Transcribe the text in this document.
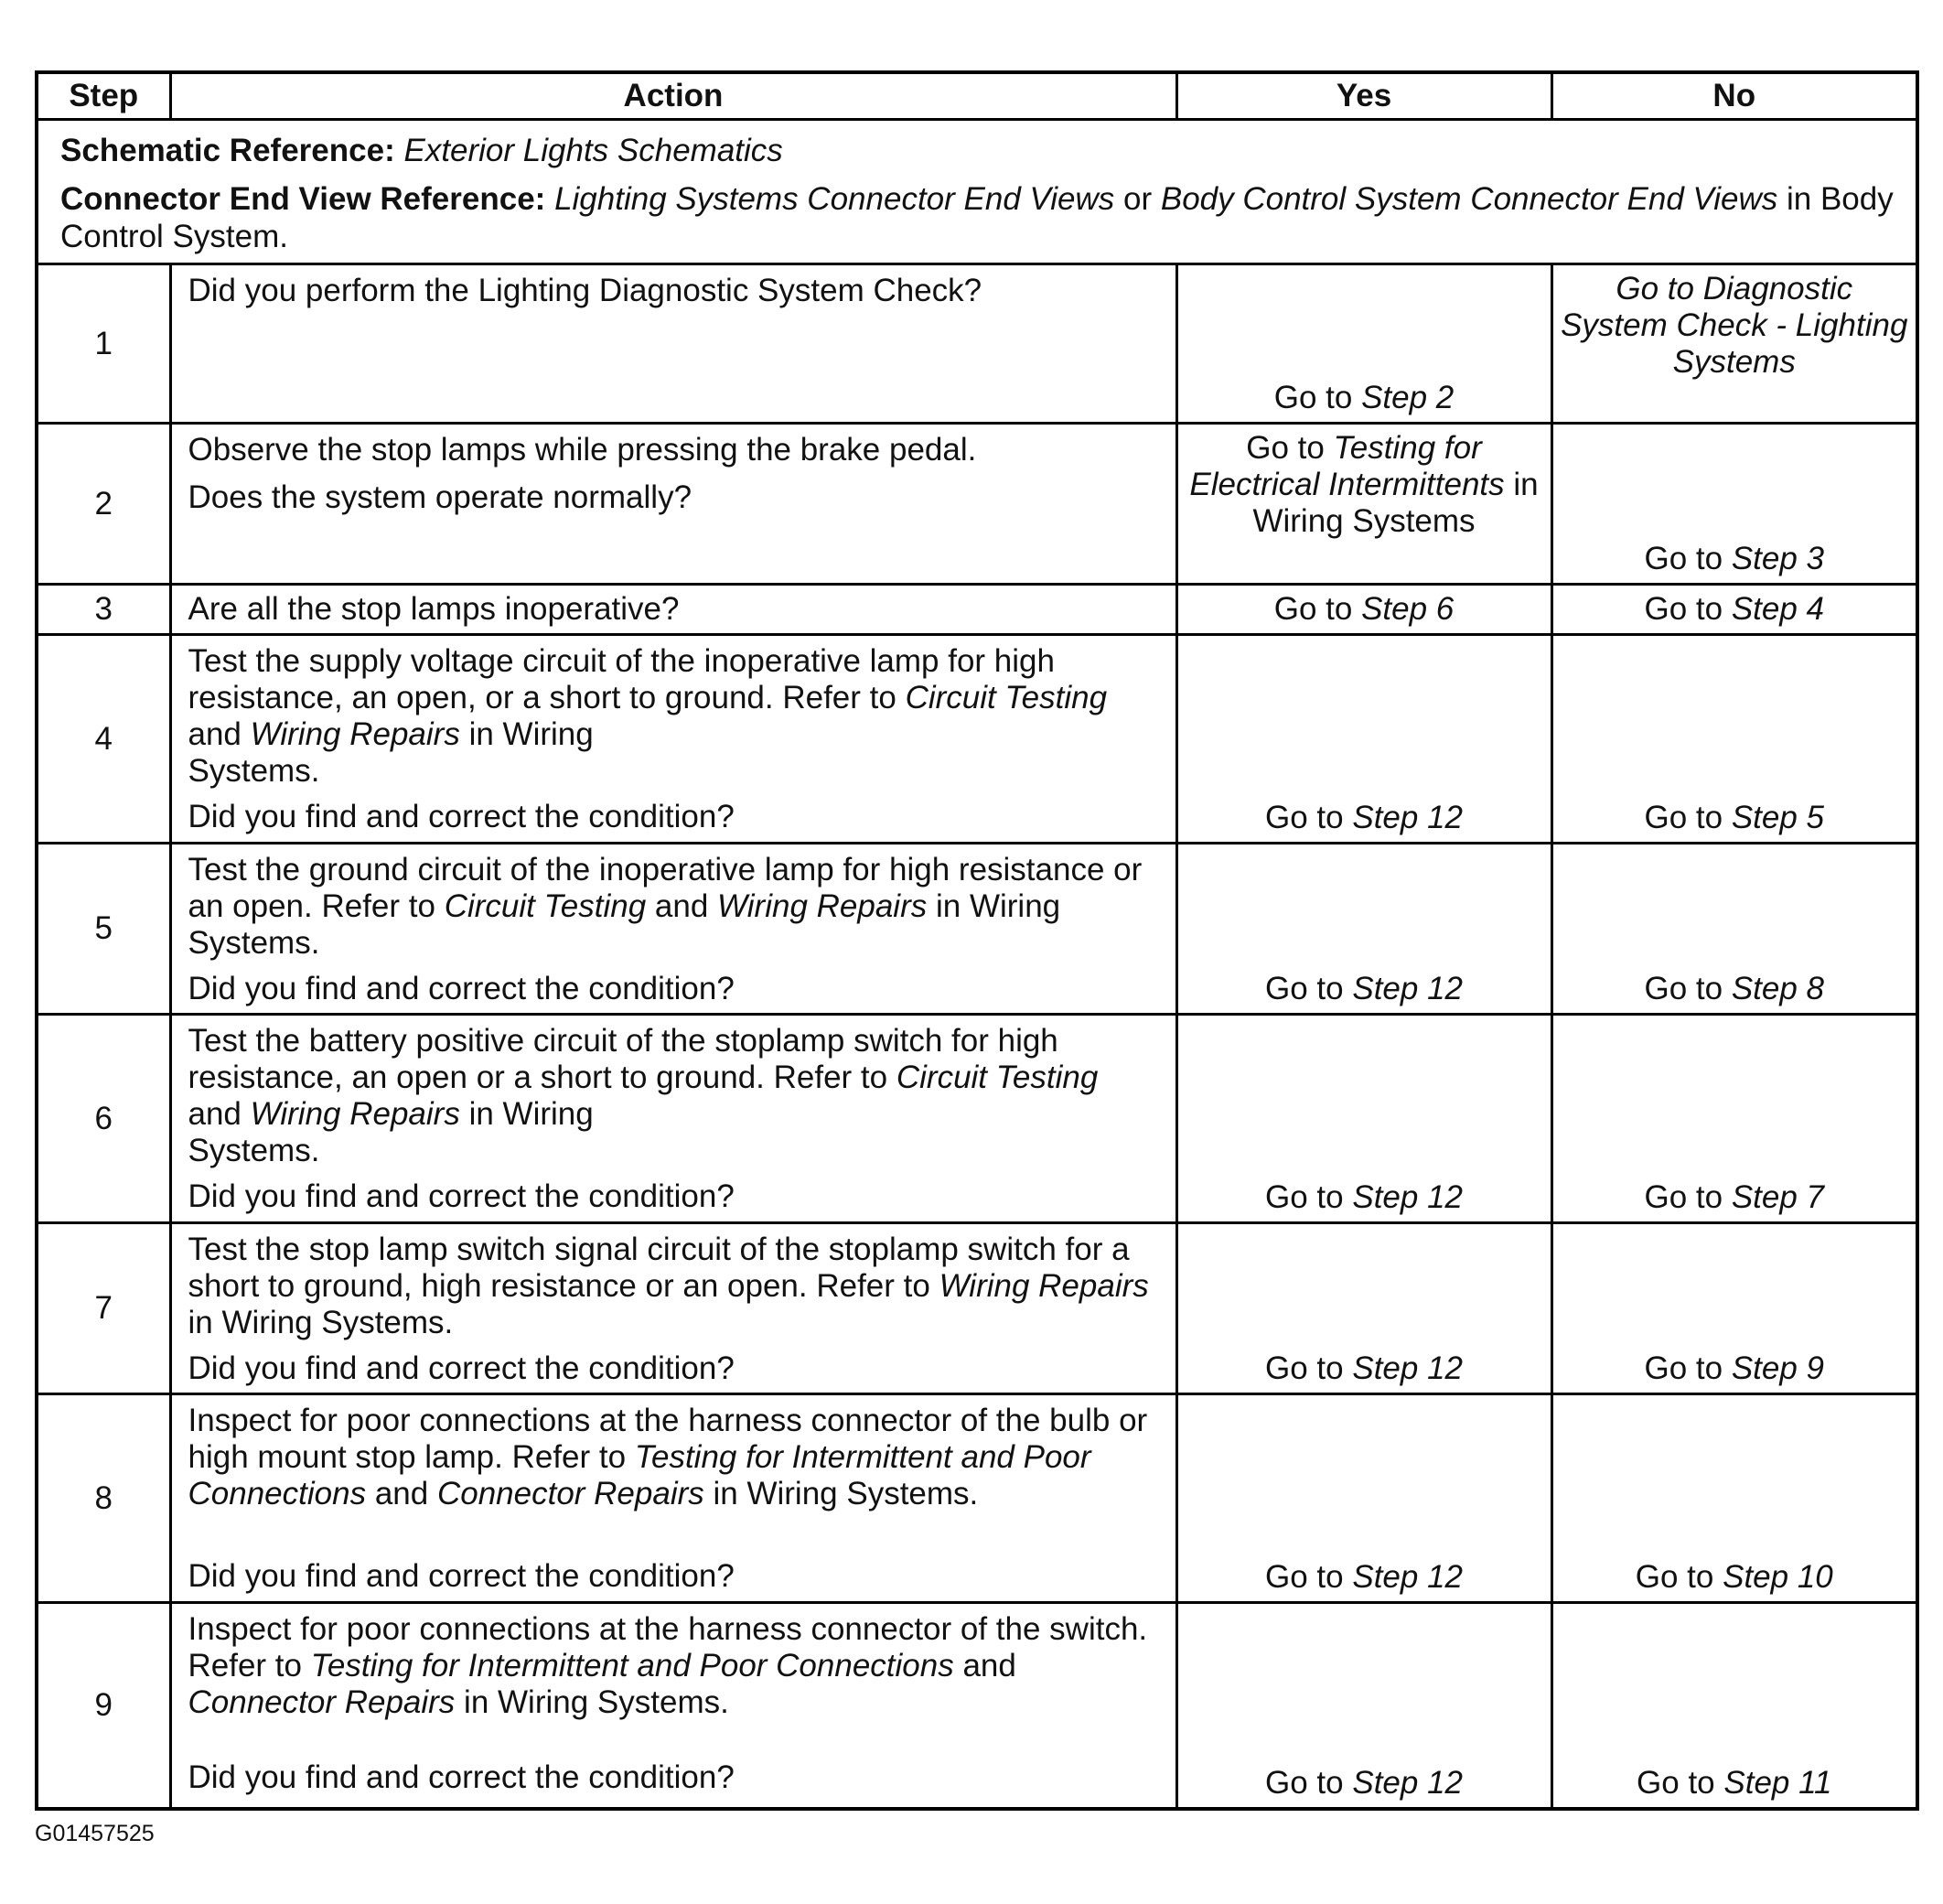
Step	Action	Yes	No

Schematic Reference: Exterior Lights Schematics

Connector End View Reference: Lighting Systems Connector End Views or Body Control System Connector End Views in Body Control System.			

1	Did you perform the Lighting Diagnostic System Check?	Go to Step 2	Go to Diagnostic System Check - Lighting Systems
2	Observe the stop lamps while pressing the brake pedal.

Does the system operate normally?	Go to Testing for Electrical Intermittents in Wiring Systems	Go to Step 3
3	Are all the stop lamps inoperative?	Go to Step 6	Go to Step 4
4	Test the supply voltage circuit of the inoperative lamp for high resistance, an open, or a short to ground. Refer to Circuit Testing and Wiring Repairs in Wiring
Systems.

Did you find and correct the condition?	Go to Step 12	Go to Step 5
5	Test the ground circuit of the inoperative lamp for high resistance or an open. Refer to Circuit Testing and Wiring Repairs in Wiring Systems.

Did you find and correct the condition?	Go to Step 12	Go to Step 8
6	Test the battery positive circuit of the stoplamp switch for high resistance, an open or a short to ground. Refer to Circuit Testing and Wiring Repairs in Wiring
Systems.

Did you find and correct the condition?	Go to Step 12	Go to Step 7
7	Test the stop lamp switch signal circuit of the stoplamp switch for a short to ground, high resistance or an open. Refer to Wiring Repairs in Wiring Systems.

Did you find and correct the condition?	Go to Step 12	Go to Step 9
8	Inspect for poor connections at the harness connector of the bulb or high mount stop lamp. Refer to Testing for Intermittent and Poor Connections and Connector Repairs in Wiring Systems.

Did you find and correct the condition?	Go to Step 12	Go to Step 10
9	Inspect for poor connections at the harness connector of the switch. Refer to Testing for Intermittent and Poor Connections and Connector Repairs in Wiring Systems.

Did you find and correct the condition?	Go to Step 12	Go to Step 11
G01457525
